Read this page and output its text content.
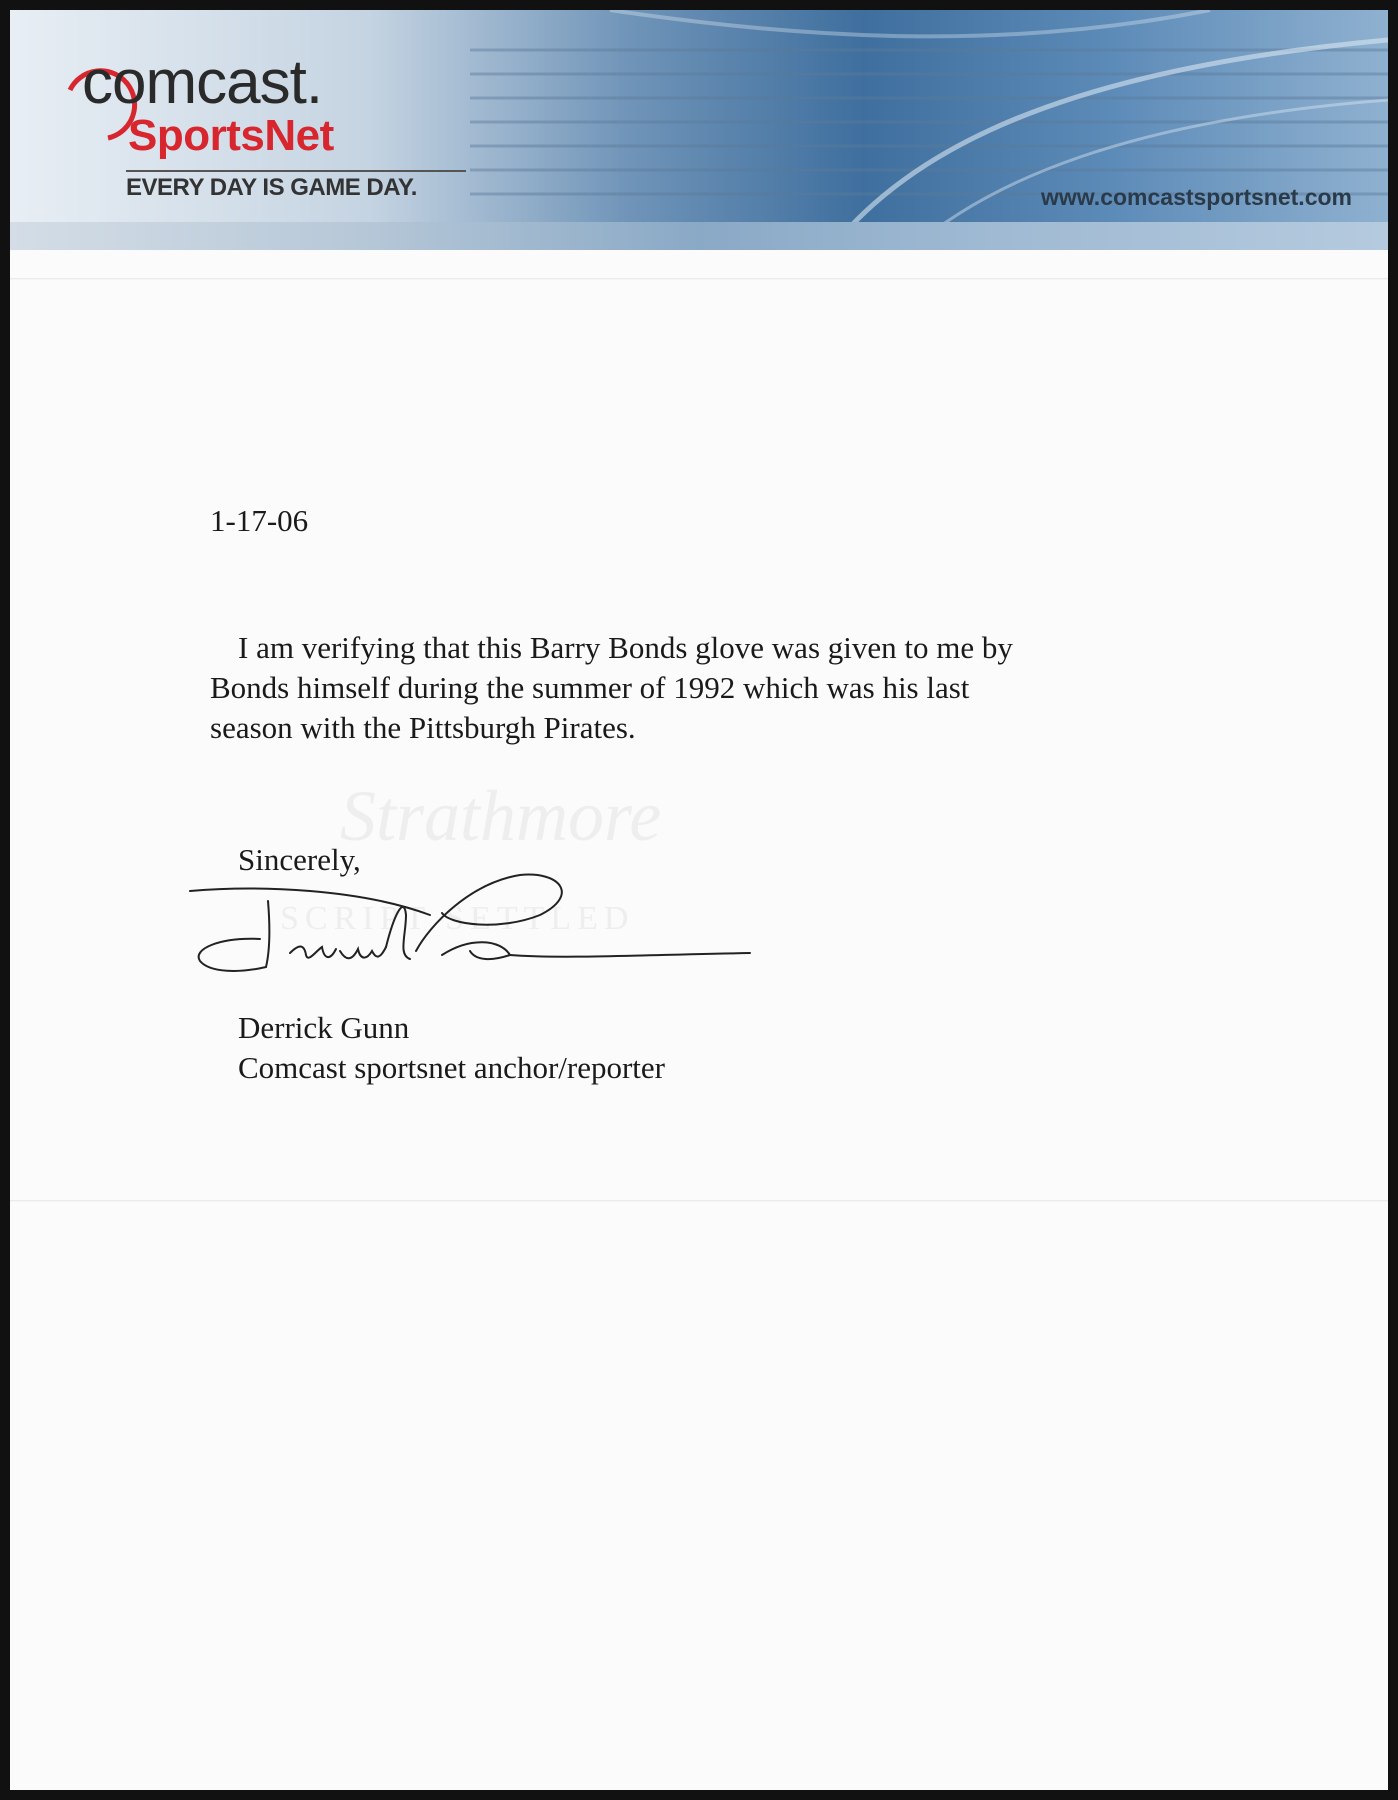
comcast.
SportsNet
EVERY DAY IS GAME DAY.	www.comcastsportsnet.com
Strathmore
SCRIPT SETTLED
1-17-06
I am verifying that this Barry Bonds glove was given to me by
Bonds himself during the summer of 1992 which was his last
season with the Pittsburgh Pirates.
Sincerely,
Derrick Gunn
Comcast sportsnet anchor/reporter
